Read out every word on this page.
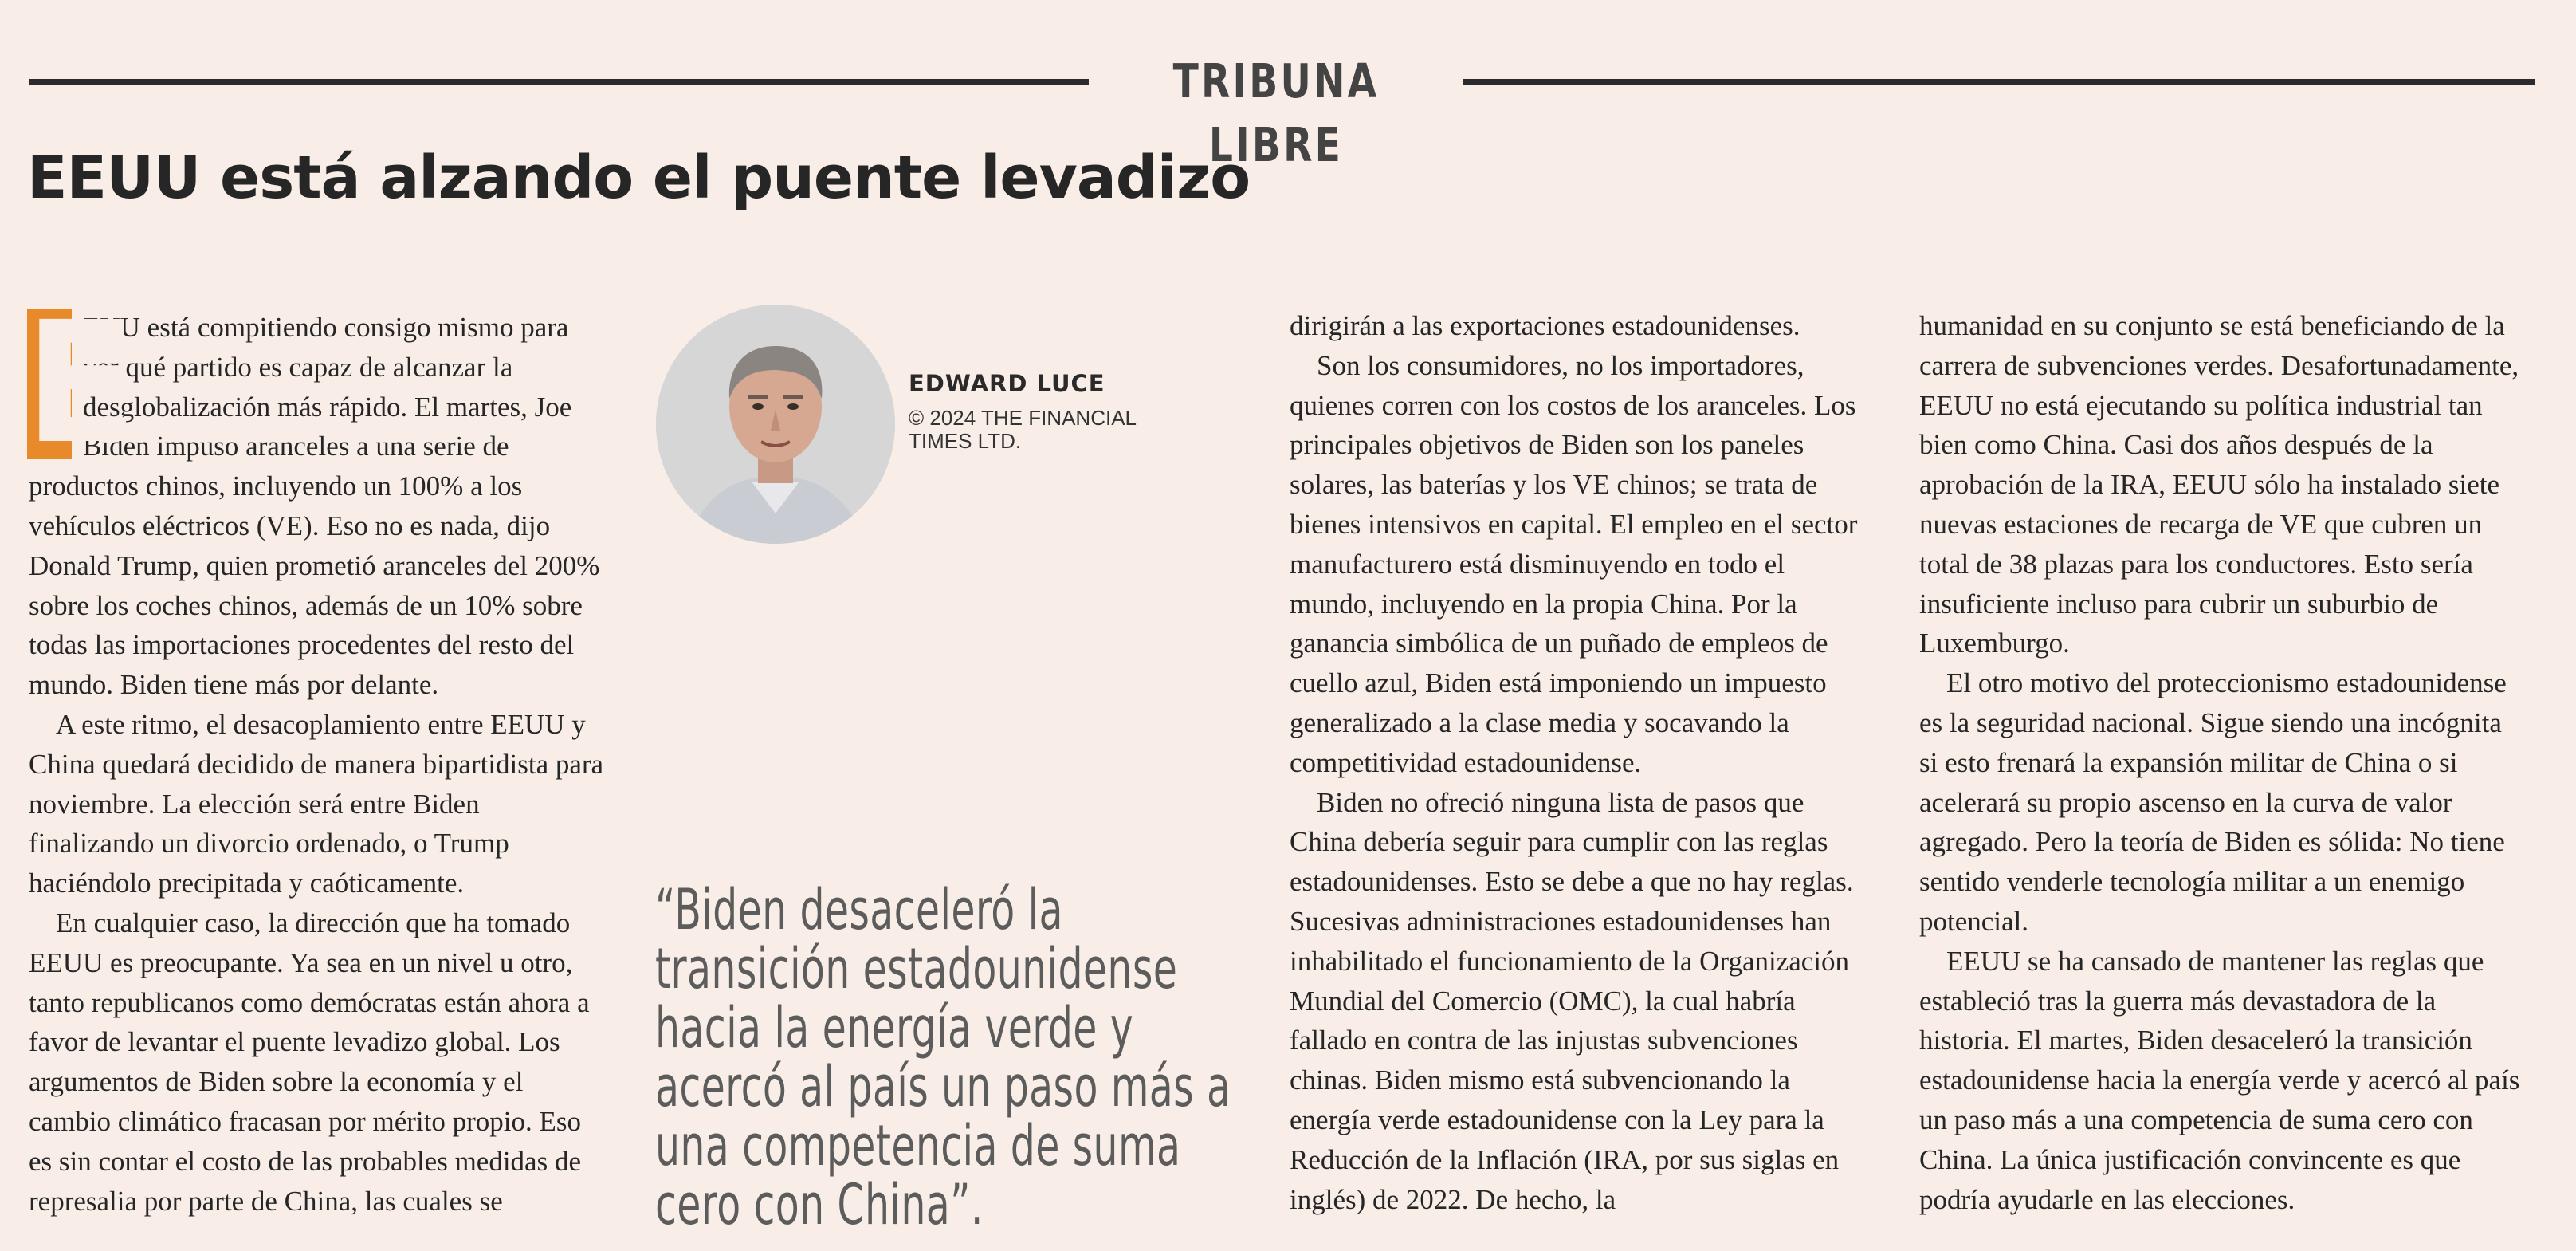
TRIBUNA LIBRE
EEUU está alzando el puente levadizo

E
EUU está compitiendo consigo mismo para ver qué partido es capaz de alcanzar la desglobalización más rápido. El martes, Joe Biden impuso aranceles a una serie de productos chinos, incluyendo un 100% a los vehículos eléctricos (VE). Eso no es nada, dijo Donald Trump, quien prometió aranceles del 200% sobre los coches chinos, además de un 10% sobre todas las importaciones procedentes del resto del mundo. Biden tiene más por delante.

A este ritmo, el desacoplamiento entre EEUU y China quedará decidido de manera bipartidista para noviembre. La elección será entre Biden finalizando un divorcio ordenado, o Trump haciéndolo precipitada y caóticamente.

En cualquier caso, la dirección que ha tomado EEUU es preocupante. Ya sea en un nivel u otro, tanto republicanos como demócratas están ahora a favor de levantar el puente levadizo global. Los argumentos de Biden sobre la economía y el cambio climático fracasan por mérito propio. Eso es sin contar el costo de las probables medidas de represalia por parte de China, las cuales se

EDWARD LUCE
© 2024 THE FINANCIAL TIMES LTD.

“Biden desaceleró la transición estadounidense hacia la energía verde y acercó al país un paso más a una competencia de suma cero con China”.

dirigirán a las exportaciones estadounidenses.

Son los consumidores, no los importadores, quienes corren con los costos de los aranceles. Los principales objetivos de Biden son los paneles solares, las baterías y los VE chinos; se trata de bienes intensivos en capital. El empleo en el sector manufacturero está disminuyendo en todo el mundo, incluyendo en la propia China. Por la ganancia simbólica de un puñado de empleos de cuello azul, Biden está imponiendo un impuesto generalizado a la clase media y socavando la competitividad estadounidense.

Biden no ofreció ninguna lista de pasos que China debería seguir para cumplir con las reglas estadounidenses. Esto se debe a que no hay reglas. Sucesivas administraciones estadounidenses han inhabilitado el funcionamiento de la Organización Mundial del Comercio (OMC), la cual habría fallado en contra de las injustas subvenciones chinas. Biden mismo está subvencionando la energía verde estadounidense con la Ley para la Reducción de la Inflación (IRA, por sus siglas en inglés) de 2022. De hecho, la

humanidad en su conjunto se está beneficiando de la carrera de subvenciones verdes. Desafortunadamente, EEUU no está ejecutando su política industrial tan bien como China. Casi dos años después de la aprobación de la IRA, EEUU sólo ha instalado siete nuevas estaciones de recarga de VE que cubren un total de 38 plazas para los conductores. Esto sería insuficiente incluso para cubrir un suburbio de Luxemburgo.

El otro motivo del proteccionismo estadounidense es la seguridad nacional. Sigue siendo una incógnita si esto frenará la expansión militar de China o si acelerará su propio ascenso en la curva de valor agregado. Pero la teoría de Biden es sólida: No tiene sentido venderle tecnología militar a un enemigo potencial.

EEUU se ha cansado de mantener las reglas que estableció tras la guerra más devastadora de la historia. El martes, Biden desaceleró la transición estadounidense hacia la energía verde y acercó al país un paso más a una competencia de suma cero con China. La única justificación convincente es que podría ayudarle en las elecciones.
